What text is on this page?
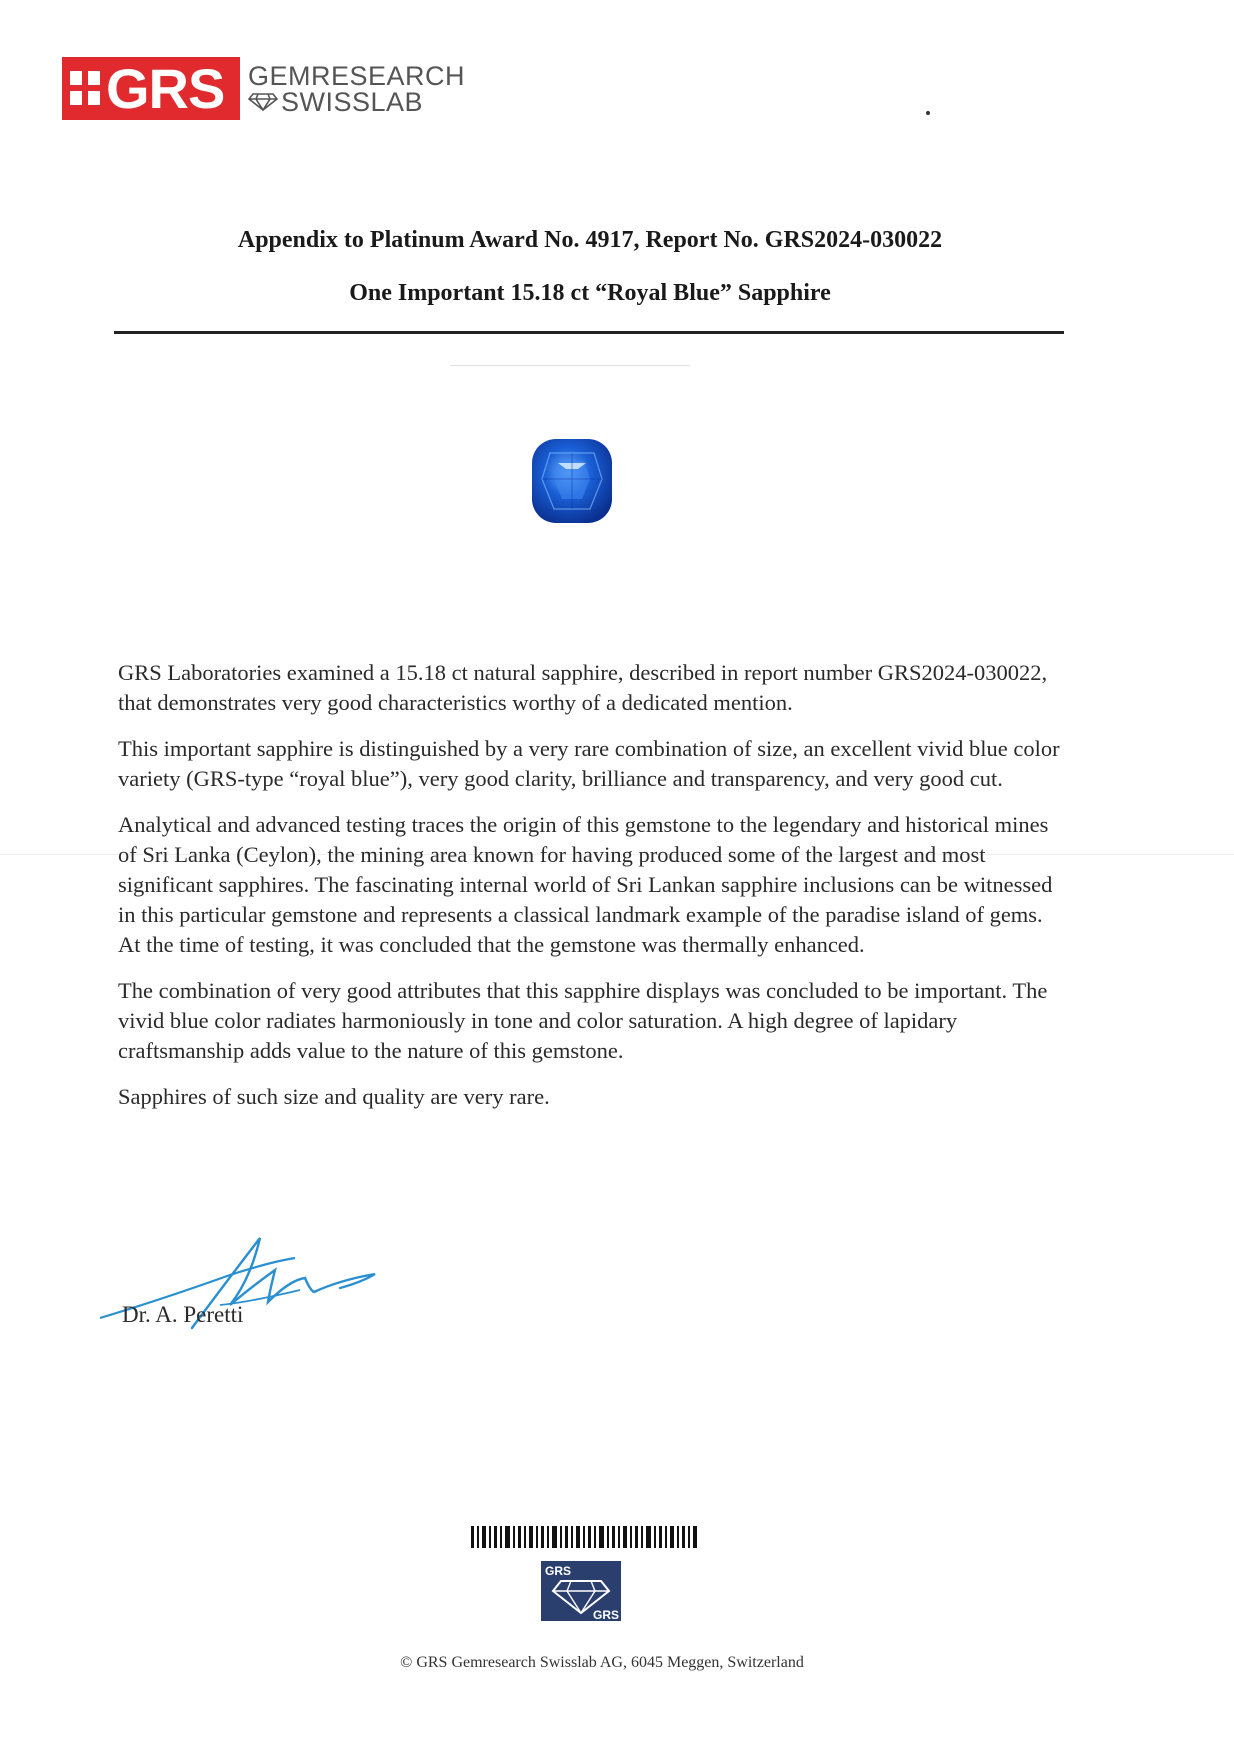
GRS GEMRESEARCH
SWISSLAB
Appendix to Platinum Award No. 4917, Report No. GRS2024-030022
One Important 15.18 ct “Royal Blue” Sapphire

GRS Laboratories examined a 15.18 ct natural sapphire, described in report number GRS2024-030022, that demonstrates very good characteristics worthy of a dedicated mention.

This important sapphire is distinguished by a very rare combination of size, an excellent vivid blue color variety (GRS-type “royal blue”), very good clarity, brilliance and transparency, and very good cut.

Analytical and advanced testing traces the origin of this gemstone to the legendary and historical mines of Sri Lanka (Ceylon), the mining area known for having produced some of the largest and most significant sapphires. The fascinating internal world of Sri Lankan sapphire inclusions can be witnessed in this particular gemstone and represents a classical landmark example of the paradise island of gems. At the time of testing, it was concluded that the gemstone was thermally enhanced.

The combination of very good attributes that this sapphire displays was concluded to be important. The vivid blue color radiates harmoniously in tone and color saturation. A high degree of lapidary craftsmanship adds value to the nature of this gemstone.

Sapphires of such size and quality are very rare.

Dr. A. Peretti
GRS
GRS
© GRS Gemresearch Swisslab AG, 6045 Meggen, Switzerland
